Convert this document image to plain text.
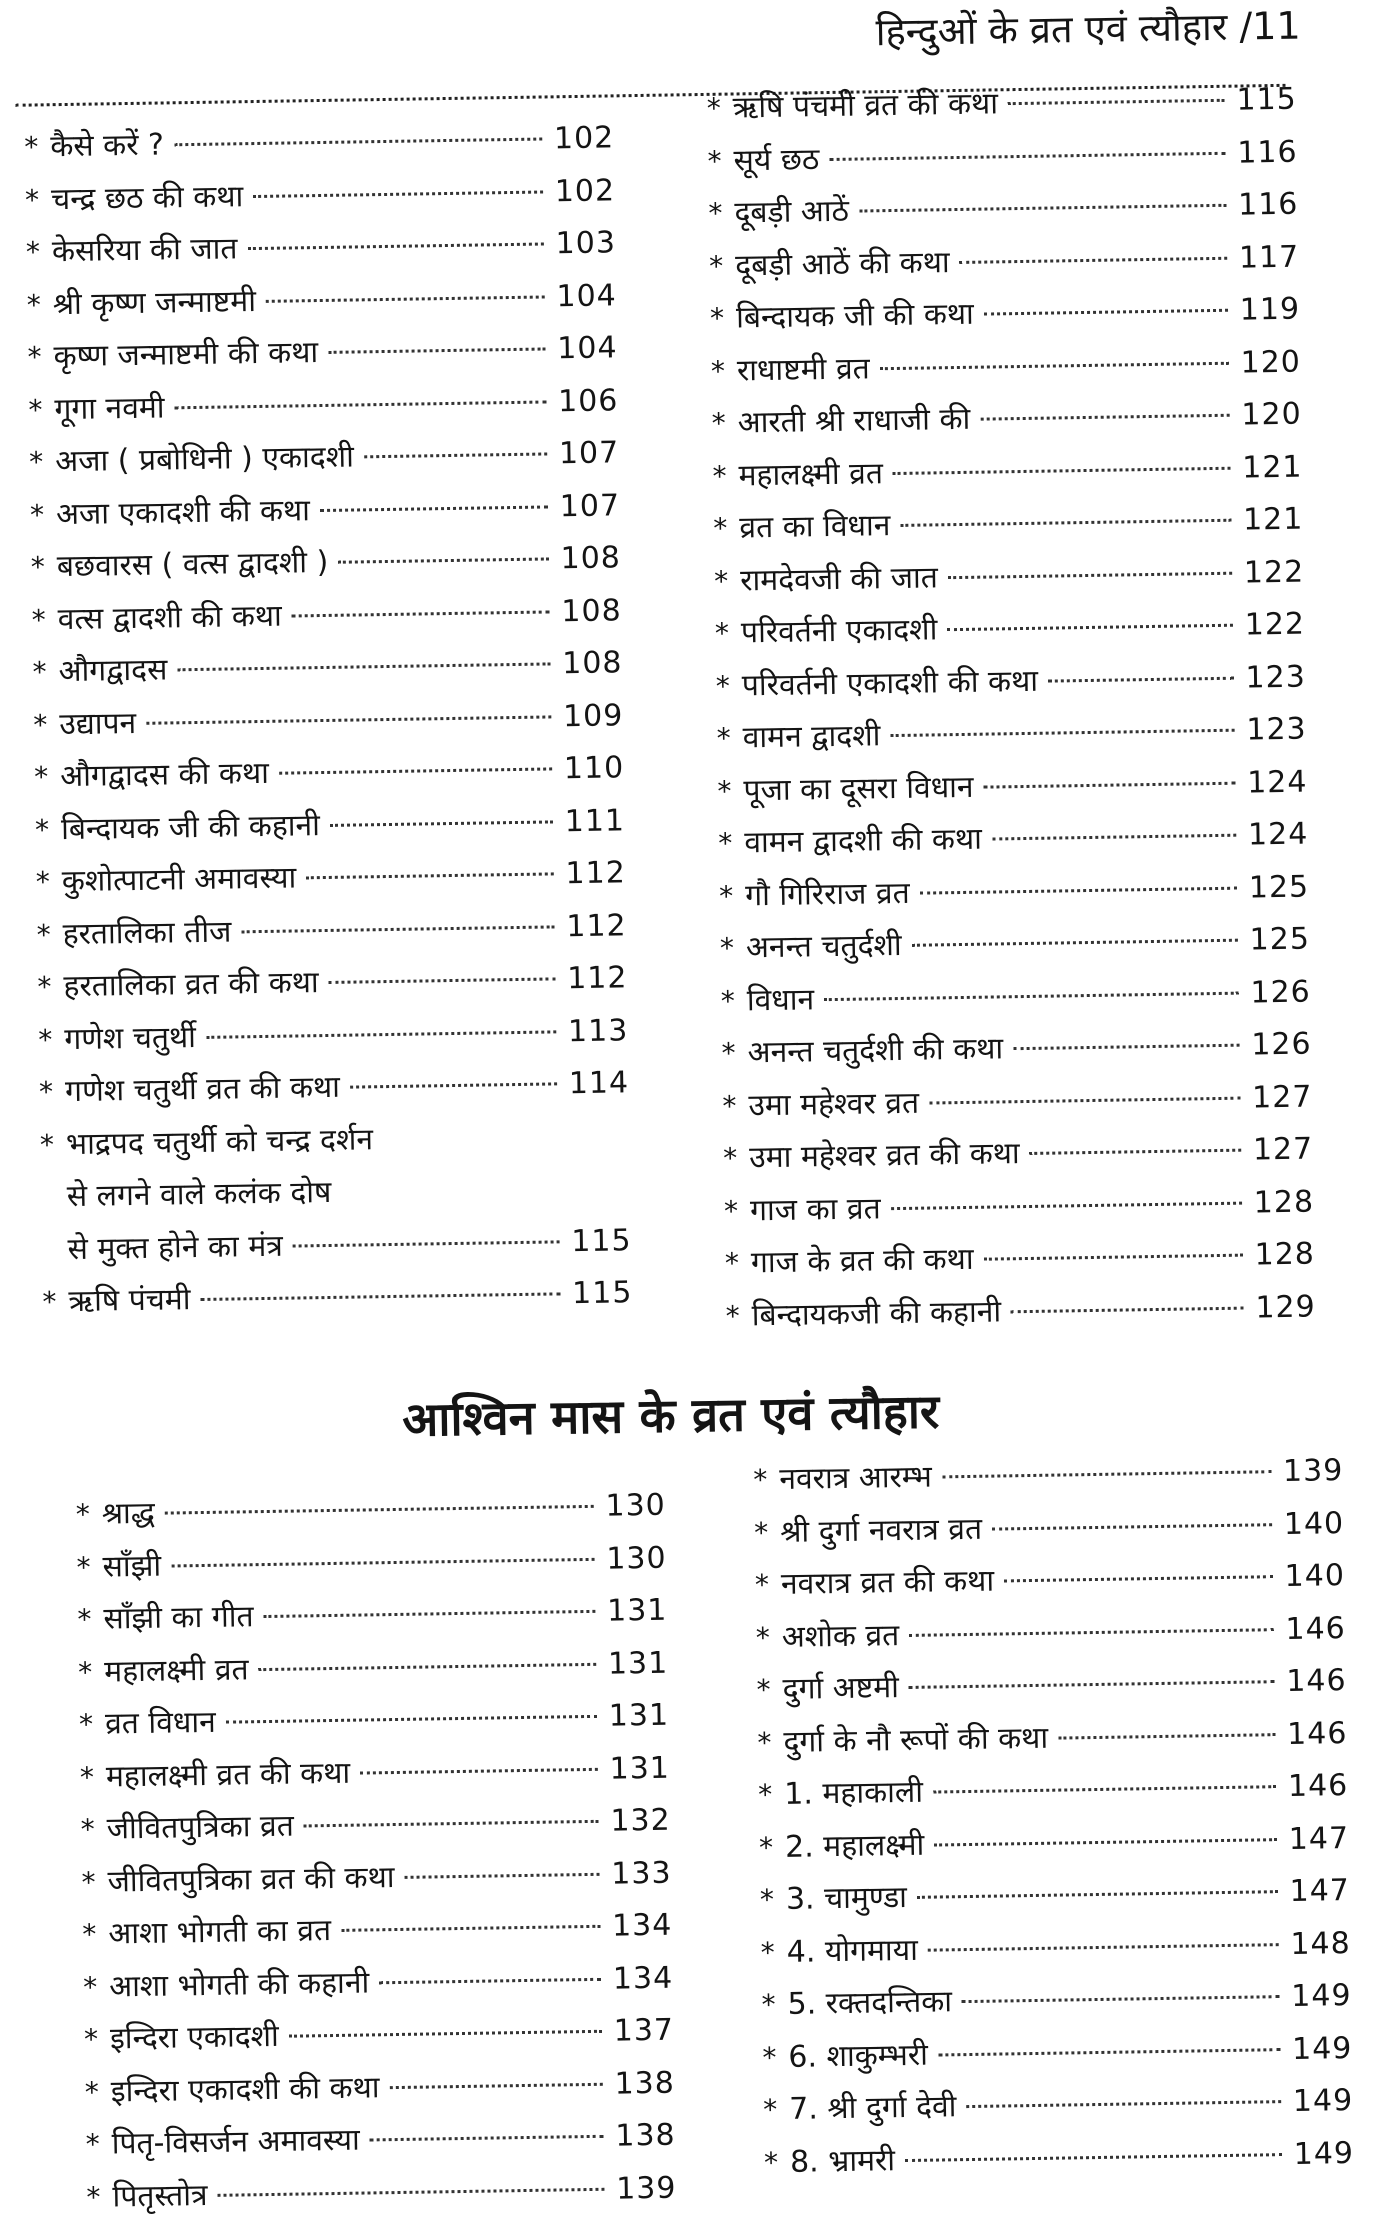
हिन्दुओं के व्रत एवं त्यौहार /11
* कैसे करें ?	102
* चन्द्र छठ की कथा	102
* केसरिया की जात	103
* श्री कृष्ण जन्माष्टमी	104
* कृष्ण जन्माष्टमी की कथा	104
* गूगा नवमी	106
* अजा ( प्रबोधिनी ) एकादशी	107
* अजा एकादशी की कथा	107
* बछवारस ( वत्स द्वादशी )	108
* वत्स द्वादशी की कथा	108
* औगद्वादस	108
* उद्यापन	109
* औगद्वादस की कथा	110
* बिन्दायक जी की कहानी	111
* कुशोत्पाटनी अमावस्या	112
* हरतालिका तीज	112
* हरतालिका व्रत की कथा	112
* गणेश चतुर्थी	113
* गणेश चतुर्थी व्रत की कथा	114
* भाद्रपद चतुर्थी को चन्द्र दर्शन
से लगने वाले कलंक दोष
से मुक्त होने का मंत्र	115
* ऋषि पंचमी	115
* ऋषि पंचमी व्रत की कथा	115
* सूर्य छठ	116
* दूबड़ी आठें	116
* दूबड़ी आठें की कथा	117
* बिन्दायक जी की कथा	119
* राधाष्टमी व्रत	120
* आरती श्री राधाजी की	120
* महालक्ष्मी व्रत	121
* व्रत का विधान	121
* रामदेवजी की जात	122
* परिवर्तनी एकादशी	122
* परिवर्तनी एकादशी की कथा	123
* वामन द्वादशी	123
* पूजा का दूसरा विधान	124
* वामन द्वादशी की कथा	124
* गौ गिरिराज व्रत	125
* अनन्त चतुर्दशी	125
* विधान	126
* अनन्त चतुर्दशी की कथा	126
* उमा महेश्वर व्रत	127
* उमा महेश्वर व्रत की कथा	127
* गाज का व्रत	128
* गाज के व्रत की कथा	128
* बिन्दायकजी की कहानी	129
आश्विन मास के व्रत एवं त्यौहार
* श्राद्ध	130
* साँझी	130
* साँझी का गीत	131
* महालक्ष्मी व्रत	131
* व्रत विधान	131
* महालक्ष्मी व्रत की कथा	131
* जीवितपुत्रिका व्रत	132
* जीवितपुत्रिका व्रत की कथा	133
* आशा भोगती का व्रत	134
* आशा भोगती की कहानी	134
* इन्दिरा एकादशी	137
* इन्दिरा एकादशी की कथा	138
* पितृ-विसर्जन अमावस्या	138
* पितृस्तोत्र	139
* नवरात्र आरम्भ	139
* श्री दुर्गा नवरात्र व्रत	140
* नवरात्र व्रत की कथा	140
* अशोक व्रत	146
* दुर्गा अष्टमी	146
* दुर्गा के नौ रूपों की कथा	146
* 1. महाकाली	146
* 2. महालक्ष्मी	147
* 3. चामुण्डा	147
* 4. योगमाया	148
* 5. रक्तदन्तिका	149
* 6. शाकुम्भरी	149
* 7. श्री दुर्गा देवी	149
* 8. भ्रामरी	149
